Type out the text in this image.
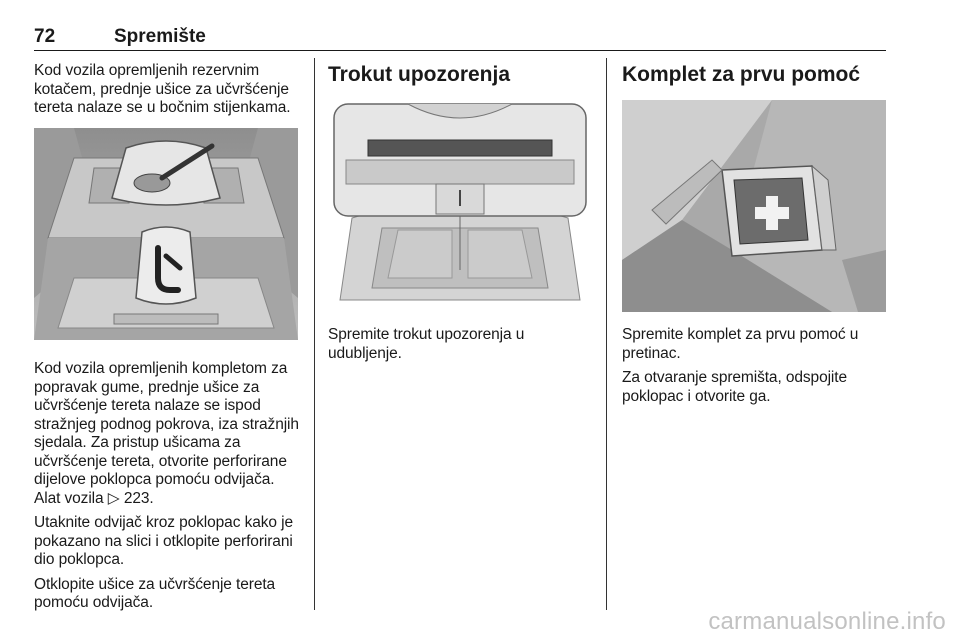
72	Spremište

Kod vozila opremljenih rezervnim kotačem, prednje ušice za učvršćenje tereta nalaze se u bočnim stijenkama.

Kod vozila opremljenih kompletom za popravak gume, prednje ušice za učvršćenje tereta nalaze se ispod stražnjeg podnog pokrova, iza stražnjih sjedala. Za pristup ušicama za učvršćenje tereta, otvorite perforirane dijelove poklopca pomoću odvijača. Alat vozila ▷ 223.

Utaknite odvijač kroz poklopac kako je pokazano na slici i otklopite perforirani dio poklopca.

Otklopite ušice za učvršćenje tereta pomoću odvijača.

Trokut upozorenja

Spremite trokut upozorenja u udubljenje.

Komplet za prvu pomoć

Spremite komplet za prvu pomoć u pretinac.

Za otvaranje spremišta, odspojite poklopac i otvorite ga.

carmanualsonline.info
